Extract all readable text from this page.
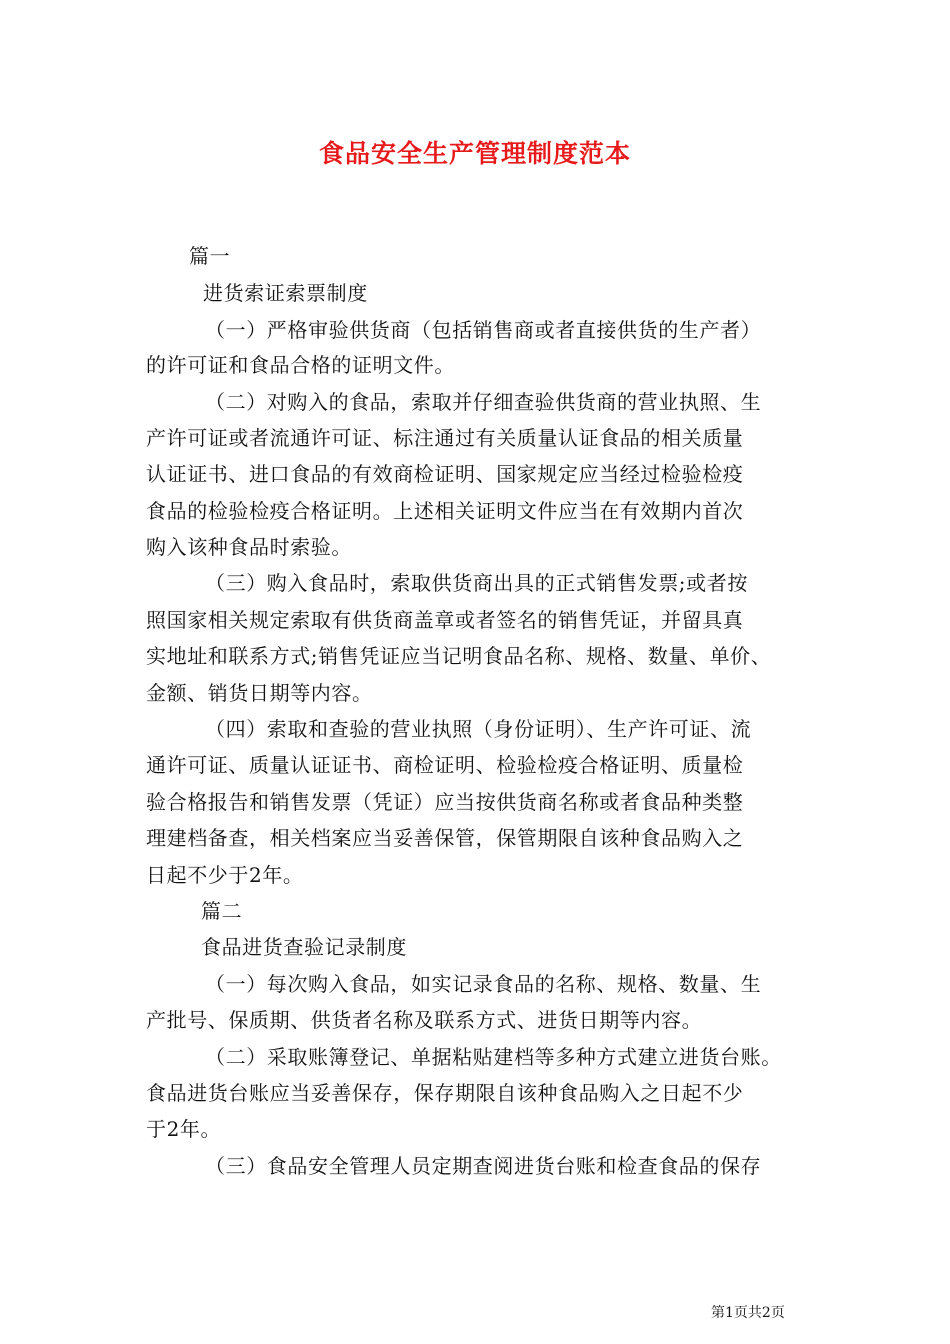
食品安全生产管理制度范本
篇一
进货索证索票制度
（一）严格审验供货商（包括销售商或者直接供货的生产者）
的许可证和食品合格的证明文件。
（二）对购入的食品，索取并仔细查验供货商的营业执照、生
产许可证或者流通许可证、标注通过有关质量认证食品的相关质量
认证证书、进口食品的有效商检证明、国家规定应当经过检验检疫
食品的检验检疫合格证明。上述相关证明文件应当在有效期内首次
购入该种食品时索验。
（三）购入食品时，索取供货商出具的正式销售发票;或者按
照国家相关规定索取有供货商盖章或者签名的销售凭证，并留具真
实地址和联系方式;销售凭证应当记明食品名称、规格、数量、单价、
金额、销货日期等内容。
（四）索取和查验的营业执照（身份证明）、生产许可证、流
通许可证、质量认证证书、商检证明、检验检疫合格证明、质量检
验合格报告和销售发票（凭证）应当按供货商名称或者食品种类整
理建档备查，相关档案应当妥善保管，保管期限自该种食品购入之
日起不少于2年。
篇二
食品进货查验记录制度
（一）每次购入食品，如实记录食品的名称、规格、数量、生
产批号、保质期、供货者名称及联系方式、进货日期等内容。
（二）采取账簿登记、单据粘贴建档等多种方式建立进货台账。
食品进货台账应当妥善保存，保存期限自该种食品购入之日起不少
于2年。
（三）食品安全管理人员定期查阅进货台账和检查食品的保存
第1页共2页
